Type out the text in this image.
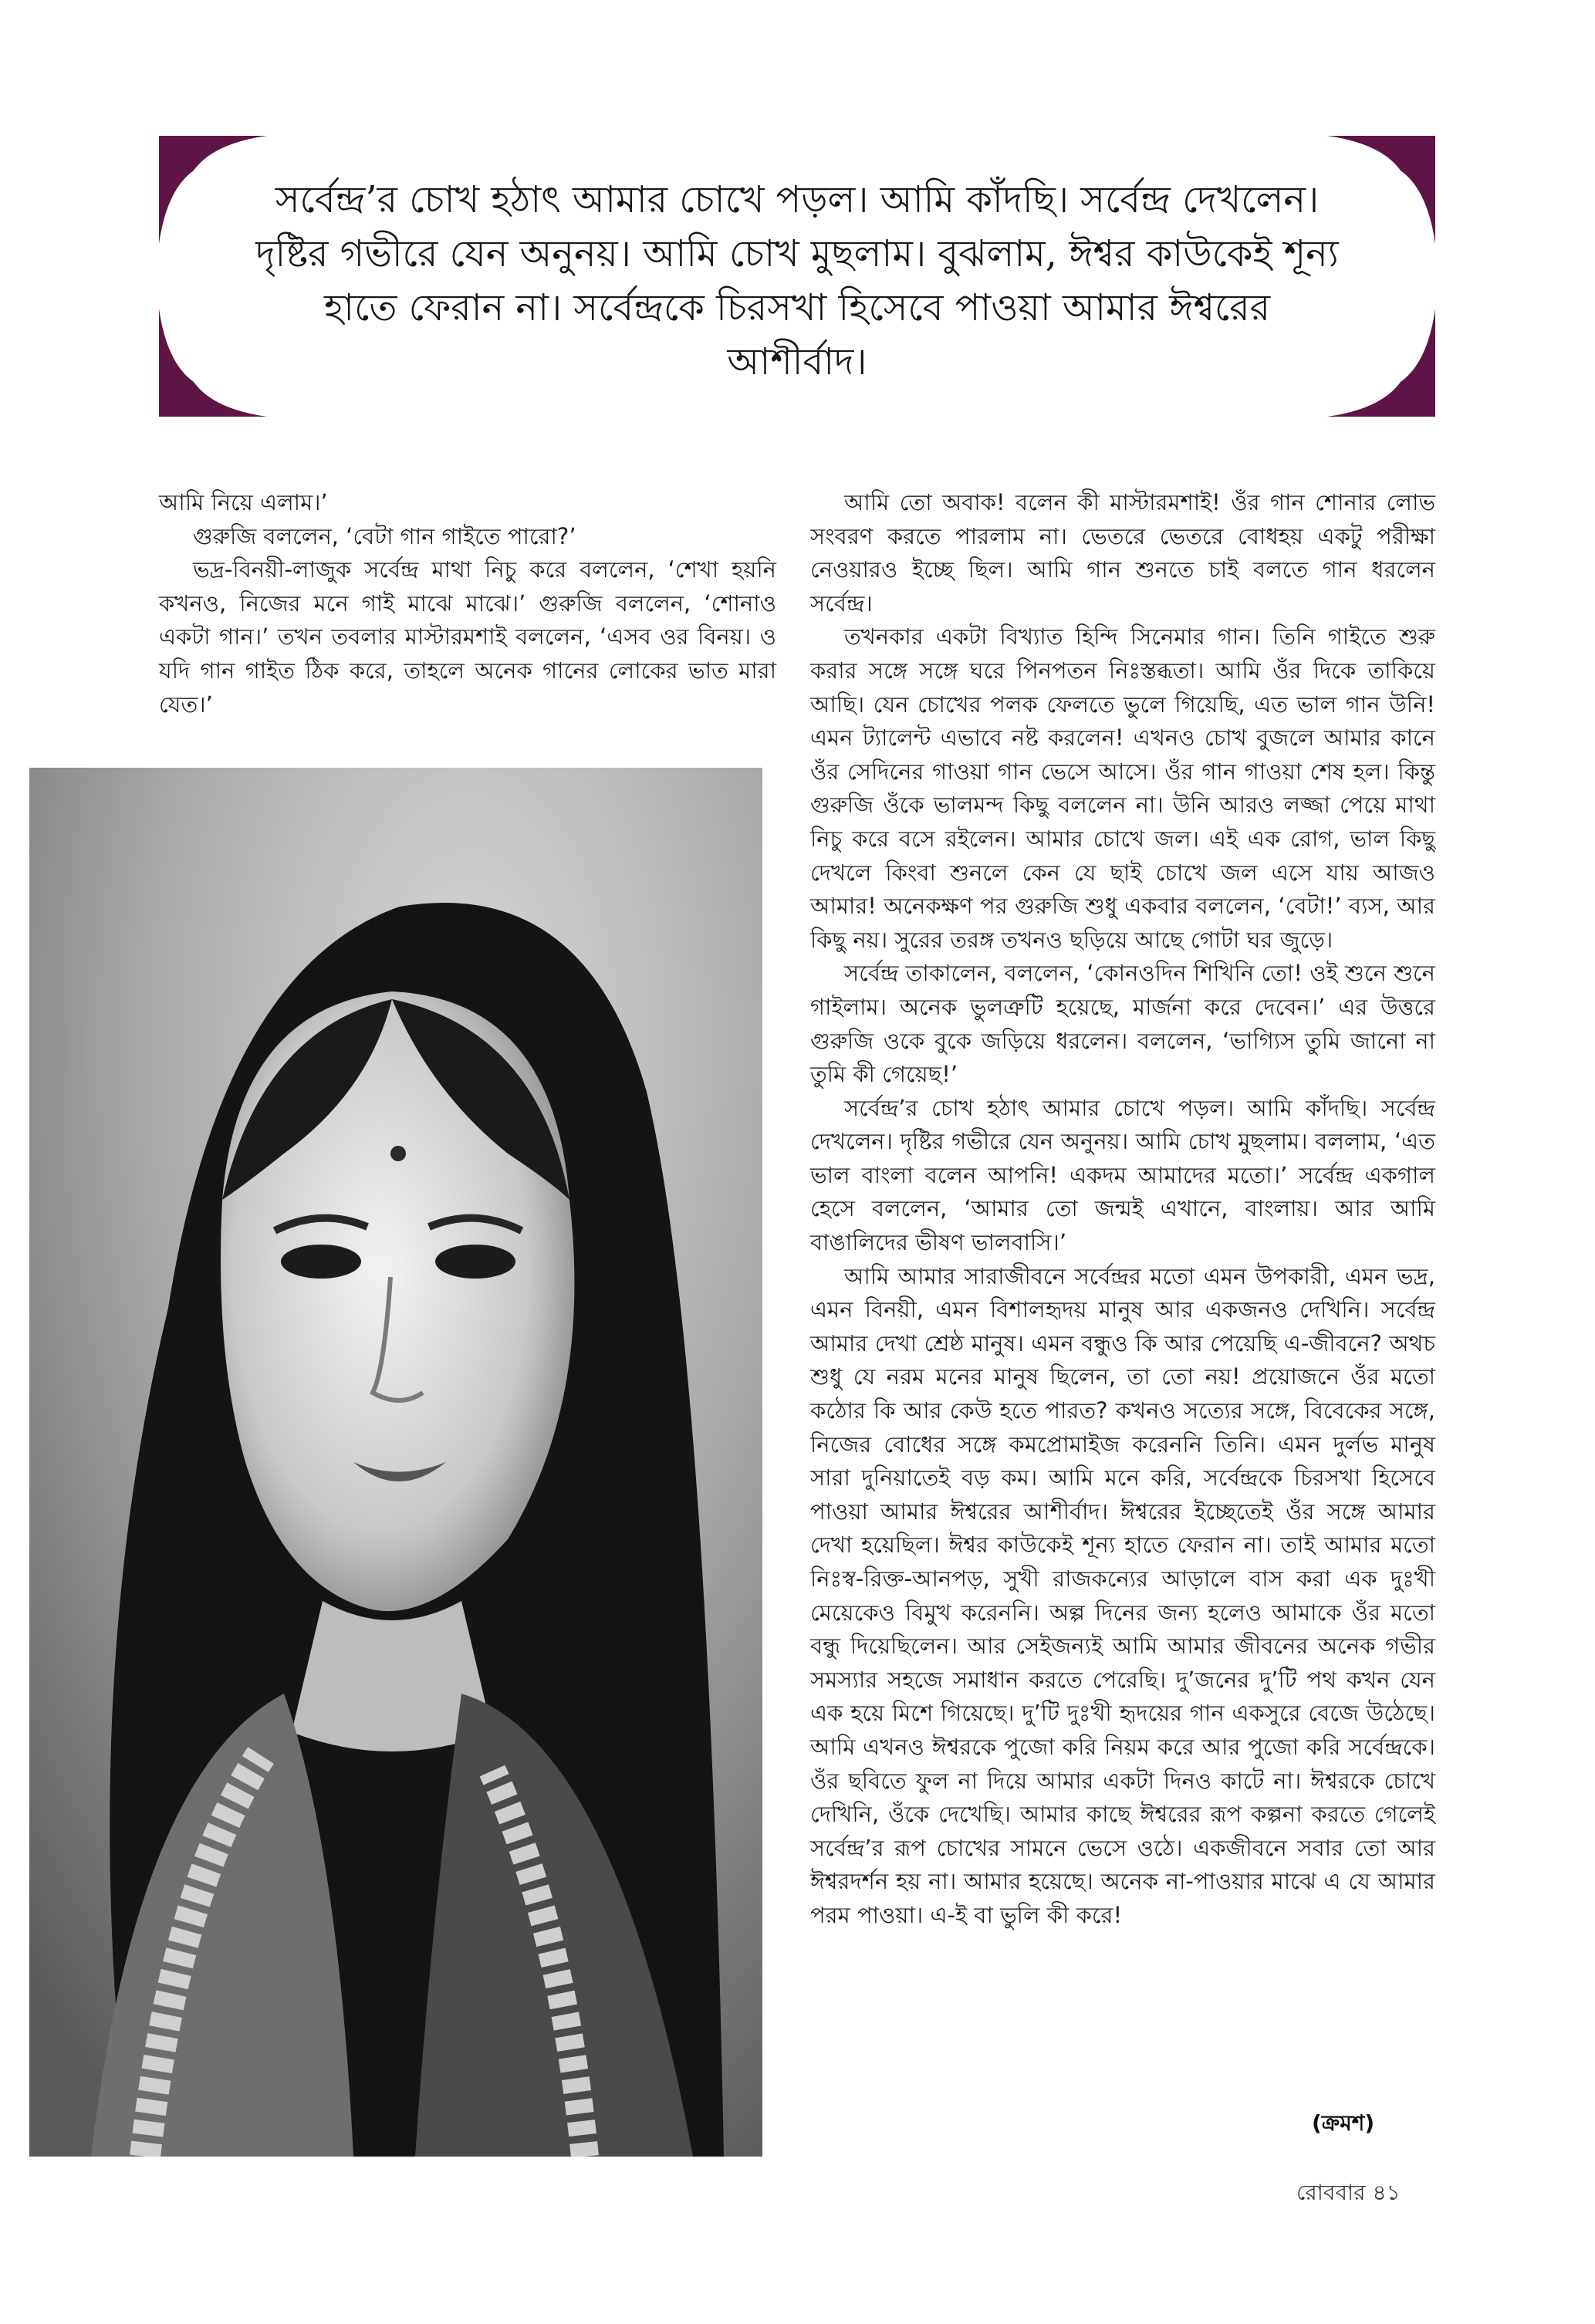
সর্বেন্দ্র’র চোখ হঠাৎ আমার চোখে পড়ল। আমি কাঁদছি। সর্বেন্দ্র দেখলেন। দৃষ্টির গভীরে যেন অনুনয়। আমি চোখ মুছলাম। বুঝলাম, ঈশ্বর কাউকেই শূন্য হাতে ফেরান না। সর্বেন্দ্রকে চিরসখা হিসেবে পাওয়া আমার ঈশ্বরের আশীর্বাদ।

আমি নিয়ে এলাম।’

গুরুজি বললেন, ‘বেটা গান গাইতে পারো?’

ভদ্র-বিনয়ী-লাজুক সর্বেন্দ্র মাথা নিচু করে বললেন, ‘শেখা হয়নি কখনও, নিজের মনে গাই মাঝে মাঝে।’ গুরুজি বললেন, ‘শোনাও একটা গান।’ তখন তবলার মাস্টারমশাই বললেন, ‘এসব ওর বিনয়। ও যদি গান গাইত ঠিক করে, তাহলে অনেক গানের লোকের ভাত মারা যেত।’

আমি তো অবাক! বলেন কী মাস্টারমশাই! ওঁর গান শোনার লোভ সংবরণ করতে পারলাম না। ভেতরে ভেতরে বোধহয় একটু পরীক্ষা নেওয়ারও ইচ্ছে ছিল। আমি গান শুনতে চাই বলতে গান ধরলেন সর্বেন্দ্র।

তখনকার একটা বিখ্যাত হিন্দি সিনেমার গান। তিনি গাইতে শুরু করার সঙ্গে সঙ্গে ঘরে পিনপতন নিঃস্তব্ধতা। আমি ওঁর দিকে তাকিয়ে আছি। যেন চোখের পলক ফেলতে ভুলে গিয়েছি, এত ভাল গান উনি! এমন ট্যালেন্ট এভাবে নষ্ট করলেন! এখনও চোখ বুজলে আমার কানে ওঁর সেদিনের গাওয়া গান ভেসে আসে। ওঁর গান গাওয়া শেষ হল। কিন্তু গুরুজি ওঁকে ভালমন্দ কিছু বললেন না। উনি আরও লজ্জা পেয়ে মাথা নিচু করে বসে রইলেন। আমার চোখে জল। এই এক রোগ, ভাল কিছু দেখলে কিংবা শুনলে কেন যে ছাই চোখে জল এসে যায় আজও আমার! অনেকক্ষণ পর গুরুজি শুধু একবার বললেন, ‘বেটা!’ ব্যস, আর কিছু নয়। সুরের তরঙ্গ তখনও ছড়িয়ে আছে গোটা ঘর জুড়ে।

সর্বেন্দ্র তাকালেন, বললেন, ‘কোনওদিন শিখিনি তো! ওই শুনে শুনে গাইলাম। অনেক ভুলত্রুটি হয়েছে, মার্জনা করে দেবেন।’ এর উত্তরে গুরুজি ওকে বুকে জড়িয়ে ধরলেন। বললেন, ‘ভাগ্যিস তুমি জানো না তুমি কী গেয়েছ!’

সর্বেন্দ্র’র চোখ হঠাৎ আমার চোখে পড়ল। আমি কাঁদছি। সর্বেন্দ্র দেখলেন। দৃষ্টির গভীরে যেন অনুনয়। আমি চোখ মুছলাম। বললাম, ‘এত ভাল বাংলা বলেন আপনি! একদম আমাদের মতো।’ সর্বেন্দ্র একগাল হেসে বললেন, ‘আমার তো জন্মই এখানে, বাংলায়। আর আমি বাঙালিদের ভীষণ ভালবাসি।’

আমি আমার সারাজীবনে সর্বেন্দ্রর মতো এমন উপকারী, এমন ভদ্র, এমন বিনয়ী, এমন বিশালহৃদয় মানুষ আর একজনও দেখিনি। সর্বেন্দ্র আমার দেখা শ্রেষ্ঠ মানুষ। এমন বন্ধুও কি আর পেয়েছি এ-জীবনে? অথচ শুধু যে নরম মনের মানুষ ছিলেন, তা তো নয়! প্রয়োজনে ওঁর মতো কঠোর কি আর কেউ হতে পারত? কখনও সত্যের সঙ্গে, বিবেকের সঙ্গে, নিজের বোধের সঙ্গে কমপ্রোমাইজ করেননি তিনি। এমন দুর্লভ মানুষ সারা দুনিয়াতেই বড় কম। আমি মনে করি, সর্বেন্দ্রকে চিরসখা হিসেবে পাওয়া আমার ঈশ্বরের আশীর্বাদ। ঈশ্বরের ইচ্ছেতেই ওঁর সঙ্গে আমার দেখা হয়েছিল। ঈশ্বর কাউকেই শূন্য হাতে ফেরান না। তাই আমার মতো নিঃস্ব-রিক্ত-আনপড়, সুখী রাজকন্যের আড়ালে বাস করা এক দুঃখী মেয়েকেও বিমুখ করেননি। অল্প দিনের জন্য হলেও আমাকে ওঁর মতো বন্ধু দিয়েছিলেন। আর সেইজন্যই আমি আমার জীবনের অনেক গভীর সমস্যার সহজে সমাধান করতে পেরেছি। দু’জনের দু’টি পথ কখন যেন এক হয়ে মিশে গিয়েছে। দু’টি দুঃখী হৃদয়ের গান একসুরে বেজে উঠেছে। আমি এখনও ঈশ্বরকে পুজো করি নিয়ম করে আর পুজো করি সর্বেন্দ্রকে। ওঁর ছবিতে ফুল না দিয়ে আমার একটা দিনও কাটে না। ঈশ্বরকে চোখে দেখিনি, ওঁকে দেখেছি। আমার কাছে ঈশ্বরের রূপ কল্পনা করতে গেলেই সর্বেন্দ্র’র রূপ চোখের সামনে ভেসে ওঠে। একজীবনে সবার তো আর ঈশ্বরদর্শন হয় না। আমার হয়েছে। অনেক না-পাওয়ার মাঝে এ যে আমার পরম পাওয়া। এ-ই বা ভুলি কী করে!

(ক্রমশ)
রোববার ৪১
